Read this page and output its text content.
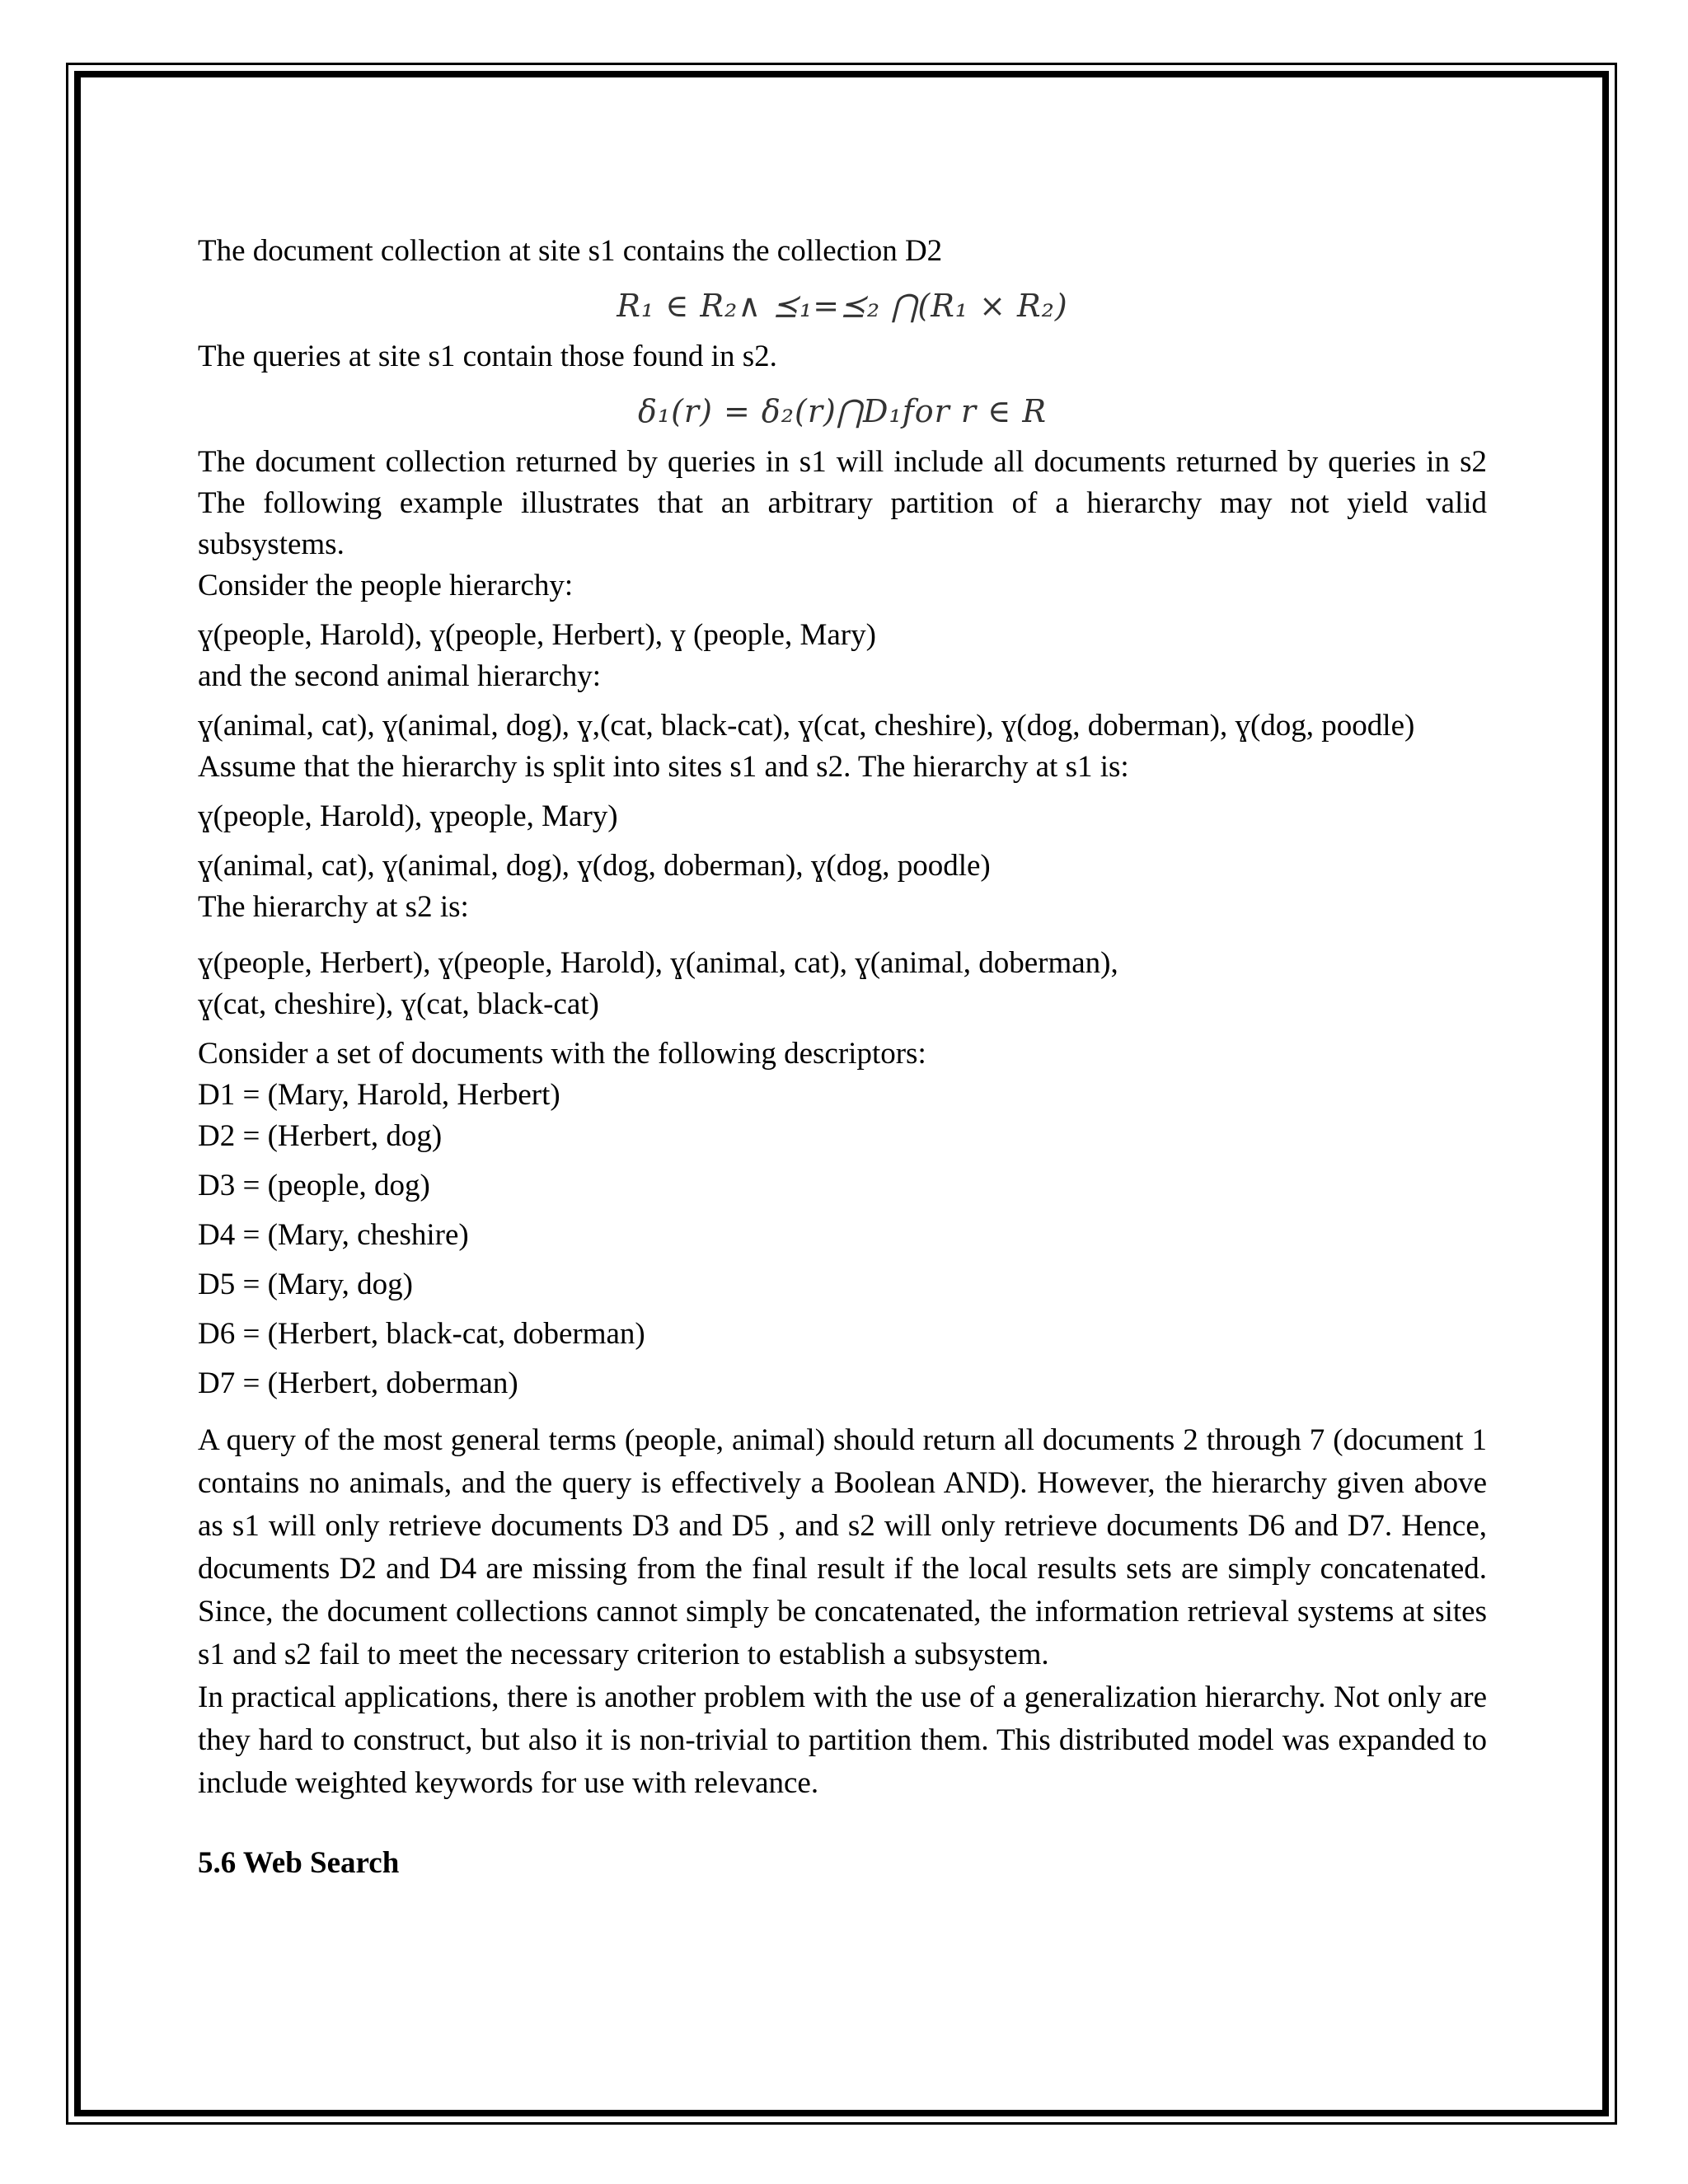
The document collection at site s1 contains the collection D2

R₁ ∈ R₂∧ ⪯₁=⪯₂ ⋂(R₁ × R₂)

The queries at site s1 contain those found in s2.

δ₁(r) = δ₂(r)⋂D₁for r ∈ R

The document collection returned by queries in s1 will include all documents returned by queries in s2 The following example illustrates that an arbitrary partition of a hierarchy may not yield valid subsystems.

Consider the people hierarchy:

ɣ(people, Harold), ɣ(people, Herbert), ɣ (people, Mary)

and the second animal hierarchy:

ɣ(animal, cat), ɣ(animal, dog), ɣ,(cat, black-cat), ɣ(cat, cheshire), ɣ(dog, doberman), ɣ(dog, poodle)

Assume that the hierarchy is split into sites s1 and s2. The hierarchy at s1 is:

ɣ(people, Harold), ɣpeople, Mary)

ɣ(animal, cat), ɣ(animal, dog), ɣ(dog, doberman), ɣ(dog, poodle)

The hierarchy at s2 is:

ɣ(people, Herbert), ɣ(people, Harold), ɣ(animal, cat), ɣ(animal, doberman),

ɣ(cat, cheshire), ɣ(cat, black-cat)

Consider a set of documents with the following descriptors:

D1 = (Mary, Harold, Herbert)

D2 = (Herbert, dog)

D3 = (people, dog)

D4 = (Mary, cheshire)

D5 = (Mary, dog)

D6 = (Herbert, black-cat, doberman)

D7 = (Herbert, doberman)

A query of the most general terms (people, animal) should return all documents 2 through 7 (document 1 contains no animals, and the query is effectively a Boolean AND). However, the hierarchy given above as s1 will only retrieve documents D3 and D5 , and s2 will only retrieve documents D6 and D7. Hence, documents D2 and D4 are missing from the final result if the local results sets are simply concatenated. Since, the document collections cannot simply be concatenated, the information retrieval systems at sites s1 and s2 fail to meet the necessary criterion to establish a subsystem.

In practical applications, there is another problem with the use of a generalization hierarchy. Not only are they hard to construct, but also it is non-trivial to partition them. This distributed model was expanded to include weighted keywords for use with relevance.

5.6 Web Search
